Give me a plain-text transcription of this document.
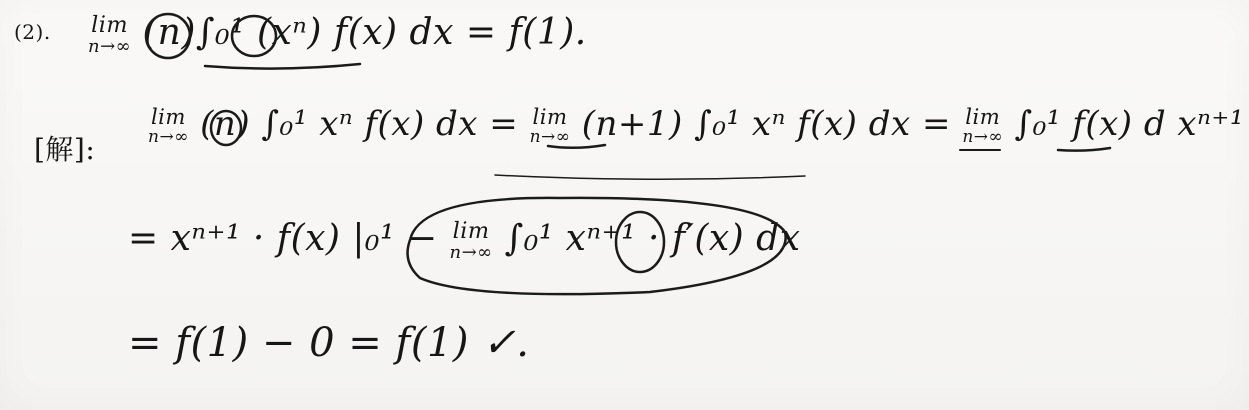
(2). lim
n→∞ (n)∫₀¹ (xⁿ) f(x) dx = f(1).
[解]:
lim
n→∞ (n) ∫₀¹ xⁿ f(x) dx = lim
n→∞ (n+1) ∫₀¹ xⁿ f(x) dx = lim
n→∞ ∫₀¹ f(x) d xⁿ⁺¹
= xⁿ⁺¹ · f(x) |₀¹ − lim
n→∞ ∫₀¹ xⁿ⁺¹ · f′(x) dx
= f(1) − 0 = f(1) ✓.
